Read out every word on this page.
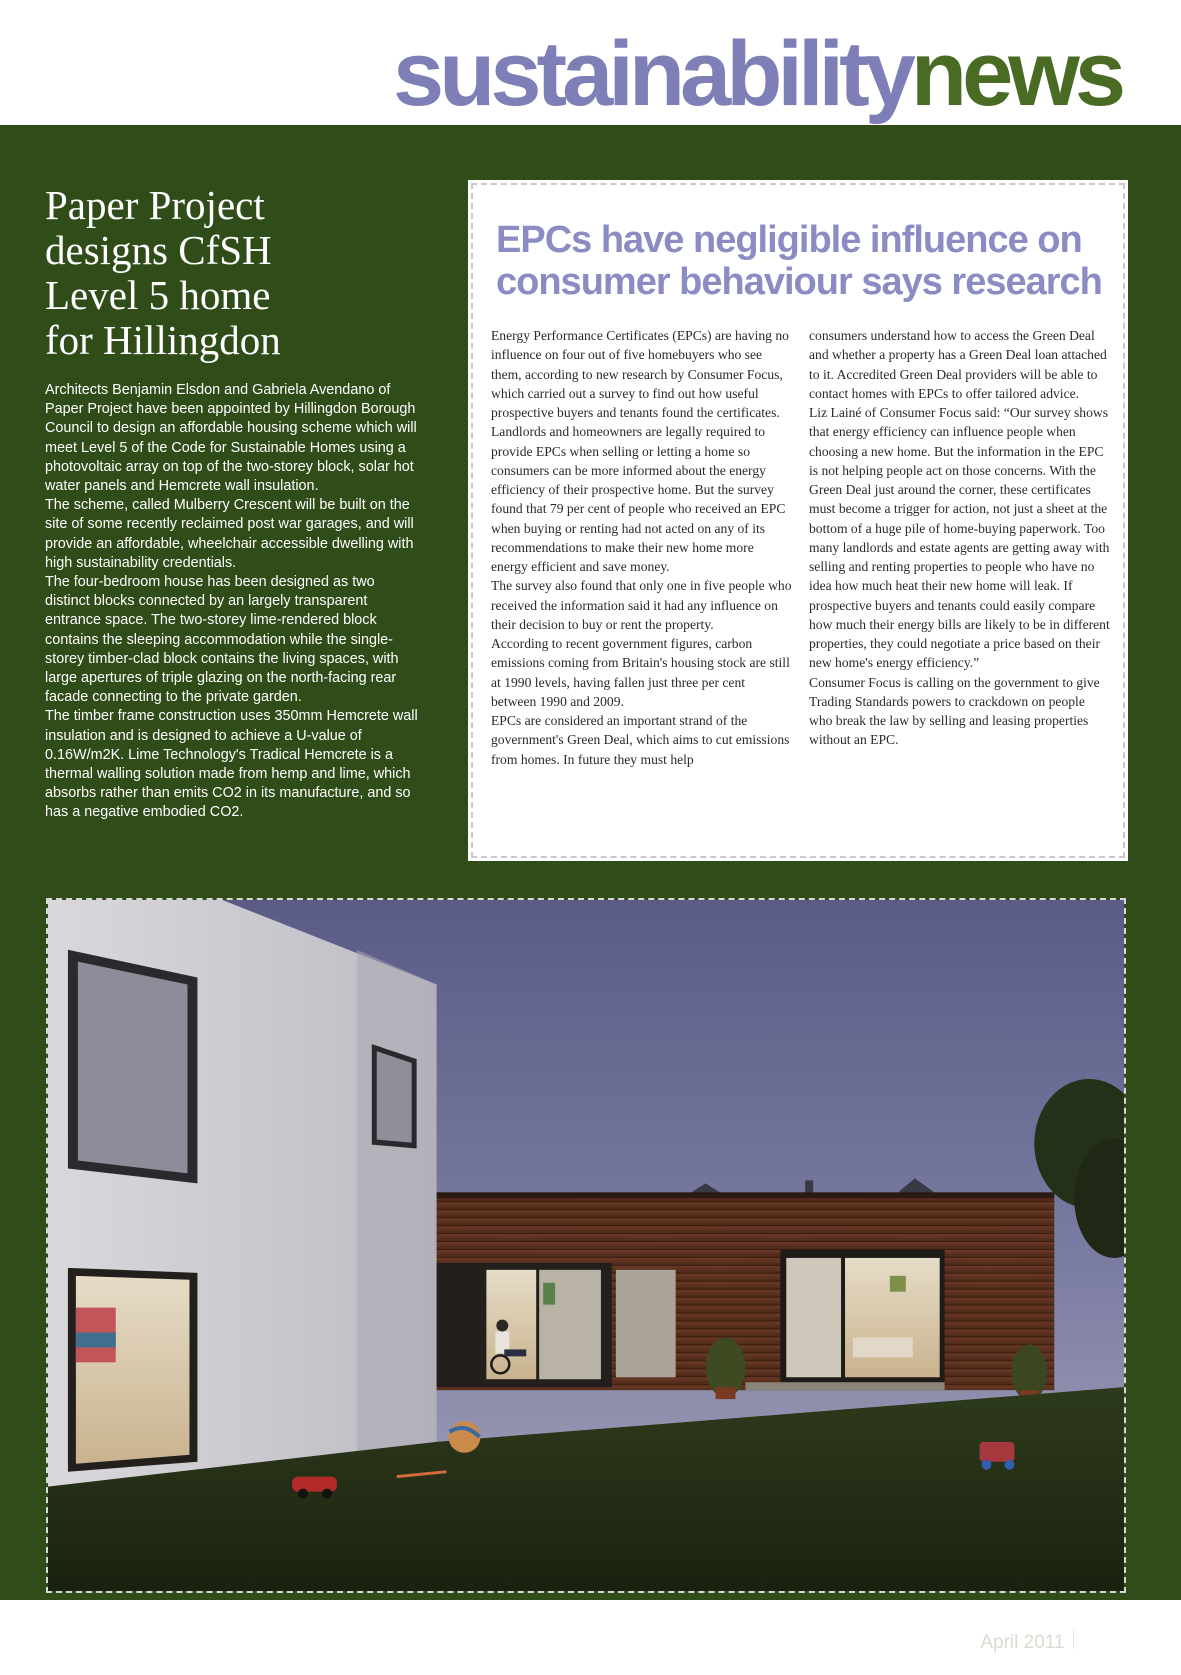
sustainabilitynews
Paper Project
designs CfSH
Level 5 home
for Hillingdon

Architects Benjamin Elsdon and Gabriela Avendano of Paper Project have been appointed by Hillingdon Borough Council to design an affordable housing scheme which will meet Level 5 of the Code for Sustainable Homes using a photovoltaic array on top of the two-storey block, solar hot water panels and Hemcrete wall insulation.

The scheme, called Mulberry Crescent will be built on the site of some recently reclaimed post war garages, and will provide an affordable, wheelchair accessible dwelling with high sustainability credentials.

The four-bedroom house has been designed as two distinct blocks connected by an largely transparent entrance space. The two-storey lime-rendered block contains the sleeping accommodation while the single-storey timber-clad block contains the living spaces, with large apertures of triple glazing on the north-facing rear facade connecting to the private garden.

The timber frame construction uses 350mm Hemcrete wall insulation and is designed to achieve a U-value of 0.16W/m2K. Lime Technology's Tradical Hemcrete is a thermal walling solution made from hemp and lime, which absorbs rather than emits CO2 in its manufacture, and so has a negative embodied CO2.

EPCs have negligible influence on
consumer behaviour says research

Energy Performance Certificates (EPCs) are having no influence on four out of five homebuyers who see them, according to new research by Consumer Focus, which carried out a survey to find out how useful prospective buyers and tenants found the certificates.

Landlords and homeowners are legally required to provide EPCs when selling or letting a home so consumers can be more informed about the energy efficiency of their prospective home. But the survey found that 79 per cent of people who received an EPC when buying or renting had not acted on any of its recommendations to make their new home more energy efficient and save money.

The survey also found that only one in five people who received the information said it had any influence on their decision to buy or rent the property.

According to recent government figures, carbon emissions coming from Britain's housing stock are still at 1990 levels, having fallen just three per cent between 1990 and 2009.

EPCs are considered an important strand of the government's Green Deal, which aims to cut emissions from homes. In future they must help

consumers understand how to access the Green Deal and whether a property has a Green Deal loan attached to it. Accredited Green Deal providers will be able to contact homes with EPCs to offer tailored advice.

Liz Lainé of Consumer Focus said: “Our survey shows that energy efficiency can influence people when choosing a new home. But the information in the EPC is not helping people act on those concerns. With the Green Deal just around the corner, these certificates must become a trigger for action, not just a sheet at the bottom of a huge pile of home-buying paperwork. Too many landlords and estate agents are getting away with selling and renting properties to people who have no idea how much heat their new home will leak. If prospective buyers and tenants could easily compare how much their energy bills are likely to be in different properties, they could negotiate a price based on their new home's energy efficiency.”

Consumer Focus is calling on the government to give Trading Standards powers to crackdown on people who break the law by selling and leasing properties without an EPC.

show house April 2011 33
